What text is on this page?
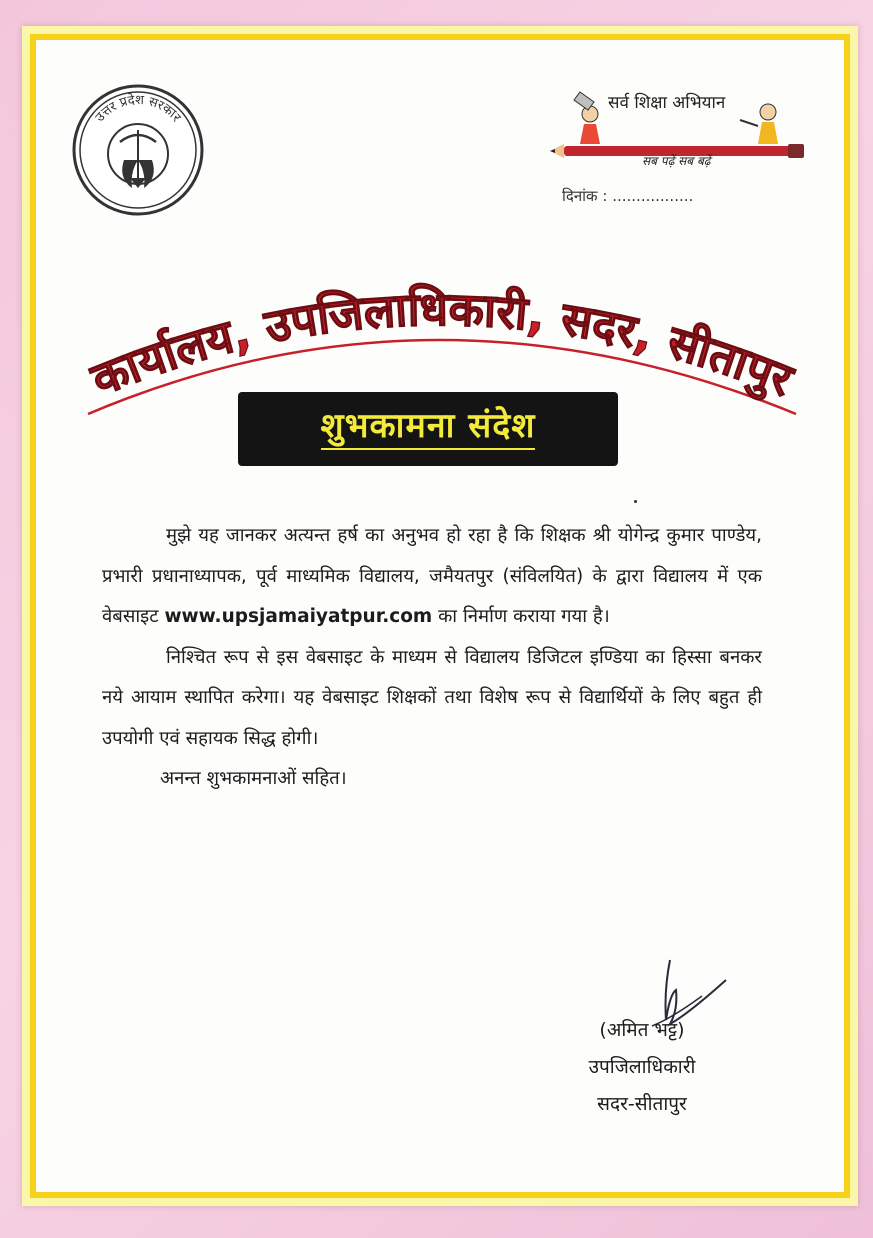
उत्तर प्रदेश सरकार
सर्व शिक्षा अभियान
सब पढ़ें सब बढ़ें
दिनांक : .................
कार्यालय, उपजिलाधिकारी, सदर, सीतापुर
शुभकामना संदेश

मुझे यह जानकर अत्यन्त हर्ष का अनुभव हो रहा है कि शिक्षक श्री योगेन्द्र कुमार पाण्डेय, प्रभारी प्रधानाध्यापक, पूर्व माध्यमिक विद्यालय, जमैयतपुर (संविलयित) के द्वारा विद्यालय में एक वेबसाइट www.upsjamaiyatpur.com का निर्माण कराया गया है।

निश्चित रूप से इस वेबसाइट के माध्यम से विद्यालय डिजिटल इण्डिया का हिस्सा बनकर नये आयाम स्थापित करेगा। यह वेबसाइट शिक्षकों तथा विशेष रूप से विद्यार्थियों के लिए बहुत ही उपयोगी एवं सहायक सिद्ध होगी।

अनन्त शुभकामनाओं सहित।

(अमित भट्ट)
उपजिलाधिकारी
सदर-सीतापुर
